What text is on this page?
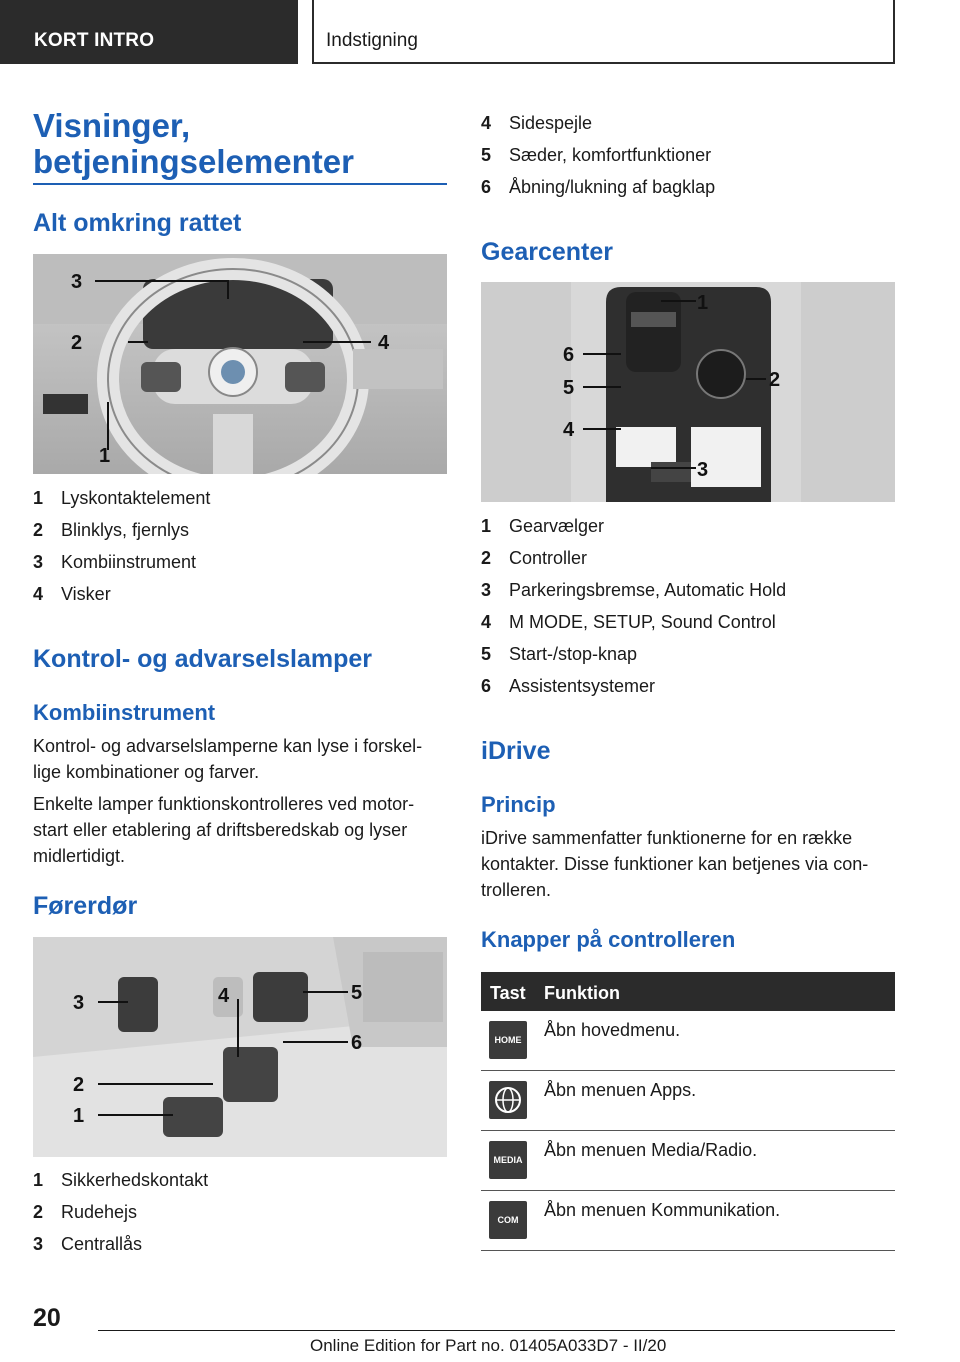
KORT INTRO	Indstigning
Visninger,
betjeningselementer
Alt omkring rattet
1
2
3
4
1 Lyskontaktelement
2 Blinklys, fjernlys
3 Kombiinstrument
4 Visker
Kontrol- og advarselslamper
Kombiinstrument
Kontrol- og advarselslamperne kan lyse i forskel-
lige kombinationer og farver.
Enkelte lamper funktionskontrolleres ved motor-
start eller etablering af driftsberedskab og lyser
midlertidigt.
Førerdør
1
2
3	4	5
6
1 Sikkerhedskontakt
2 Rudehejs
3 Centrallås
4 Sidespejle
5 Sæder, komfortfunktioner
6 Åbning/lukning af bagklap
Gearcenter
1
2
3
4
5
6
1 Gearvælger
2 Controller
3 Parkeringsbremse, Automatic Hold
4 M MODE, SETUP, Sound Control
5 Start-/stop-knap
6 Assistentsystemer
iDrive
Princip
iDrive sammenfatter funktionerne for en række
kontakter. Disse funktioner kan betjenes via con-
trolleren.
Knapper på controlleren
Tast Funktion
HOME	Åbn hovedmenu.
Åbn menuen Apps.
MEDIA Åbn menuen Media/Radio.
COM	Åbn menuen Kommunikation.
20
Online Edition for Part no. 01405A033D7 - II/20
